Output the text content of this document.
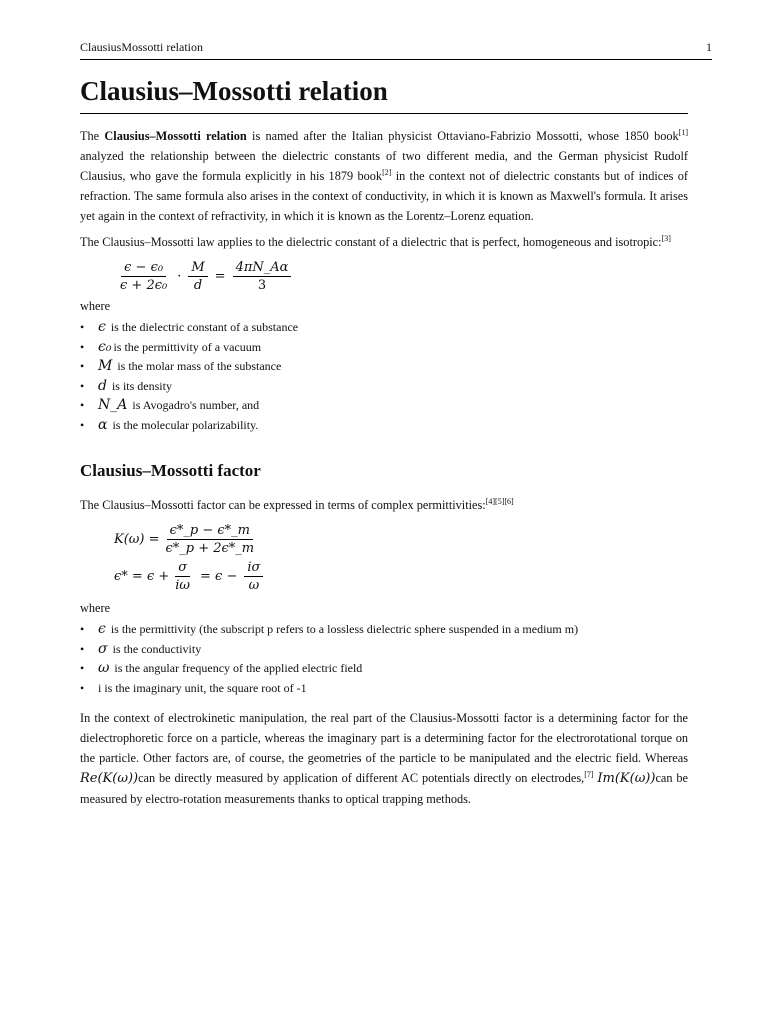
ClausiusMossotti relation	1
Clausius–Mossotti relation

The Clausius–Mossotti relation is named after the Italian physicist Ottaviano-Fabrizio Mossotti, whose 1850 book[1] analyzed the relationship between the dielectric constants of two different media, and the German physicist Rudolf Clausius, who gave the formula explicitly in his 1879 book[2] in the context not of dielectric constants but of indices of refraction. The same formula also arises in the context of conductivity, in which it is known as Maxwell's formula. It arises yet again in the context of refractivity, in which it is known as the Lorentz–Lorenz equation.

The Clausius–Mossotti law applies to the dielectric constant of a dielectric that is perfect, homogeneous and isotropic:[3]

$\frac{\text{ϵ − ϵ₀}}{\text{ϵ + 2ϵ₀}} \cdot \frac{M}{d} = \frac{4\pi N\_A\alpha}{3}$
where
• ϵ is the dielectric constant of a substance
• ϵ₀ is the permittivity of a vacuum
• M is the molar mass of the substance
• d is its density
• N_A is Avogadro's number, and
• α is the molecular polarizability.
Clausius–Mossotti factor

The Clausius–Mossotti factor can be expressed in terms of complex permittivities:[4][5][6]

$K(\omega) = \frac{\epsilon*\_p - \epsilon*\_m}{\epsilon*\_p + 2\epsilon*\_m}$
$\epsilon* = \epsilon + \frac{\sigma}{i\omega} = \epsilon - \frac{i\sigma}{\omega}$
where
• ϵ is the permittivity (the subscript p refers to a lossless dielectric sphere suspended in a medium m)
• σ is the conductivity
• ω is the angular frequency of the applied electric field
• i is the imaginary unit, the square root of -1

In the context of electrokinetic manipulation, the real part of the Clausius-Mossotti factor is a determining factor for the dielectrophoretic force on a particle, whereas the imaginary part is a determining factor for the electrorotational torque on the particle. Other factors are, of course, the geometries of the particle to be manipulated and the electric field. Whereas Re(K(ω))can be directly measured by application of different AC potentials directly on electrodes,[7] Im(K(ω))can be measured by electro-rotation measurements thanks to optical trapping methods.
